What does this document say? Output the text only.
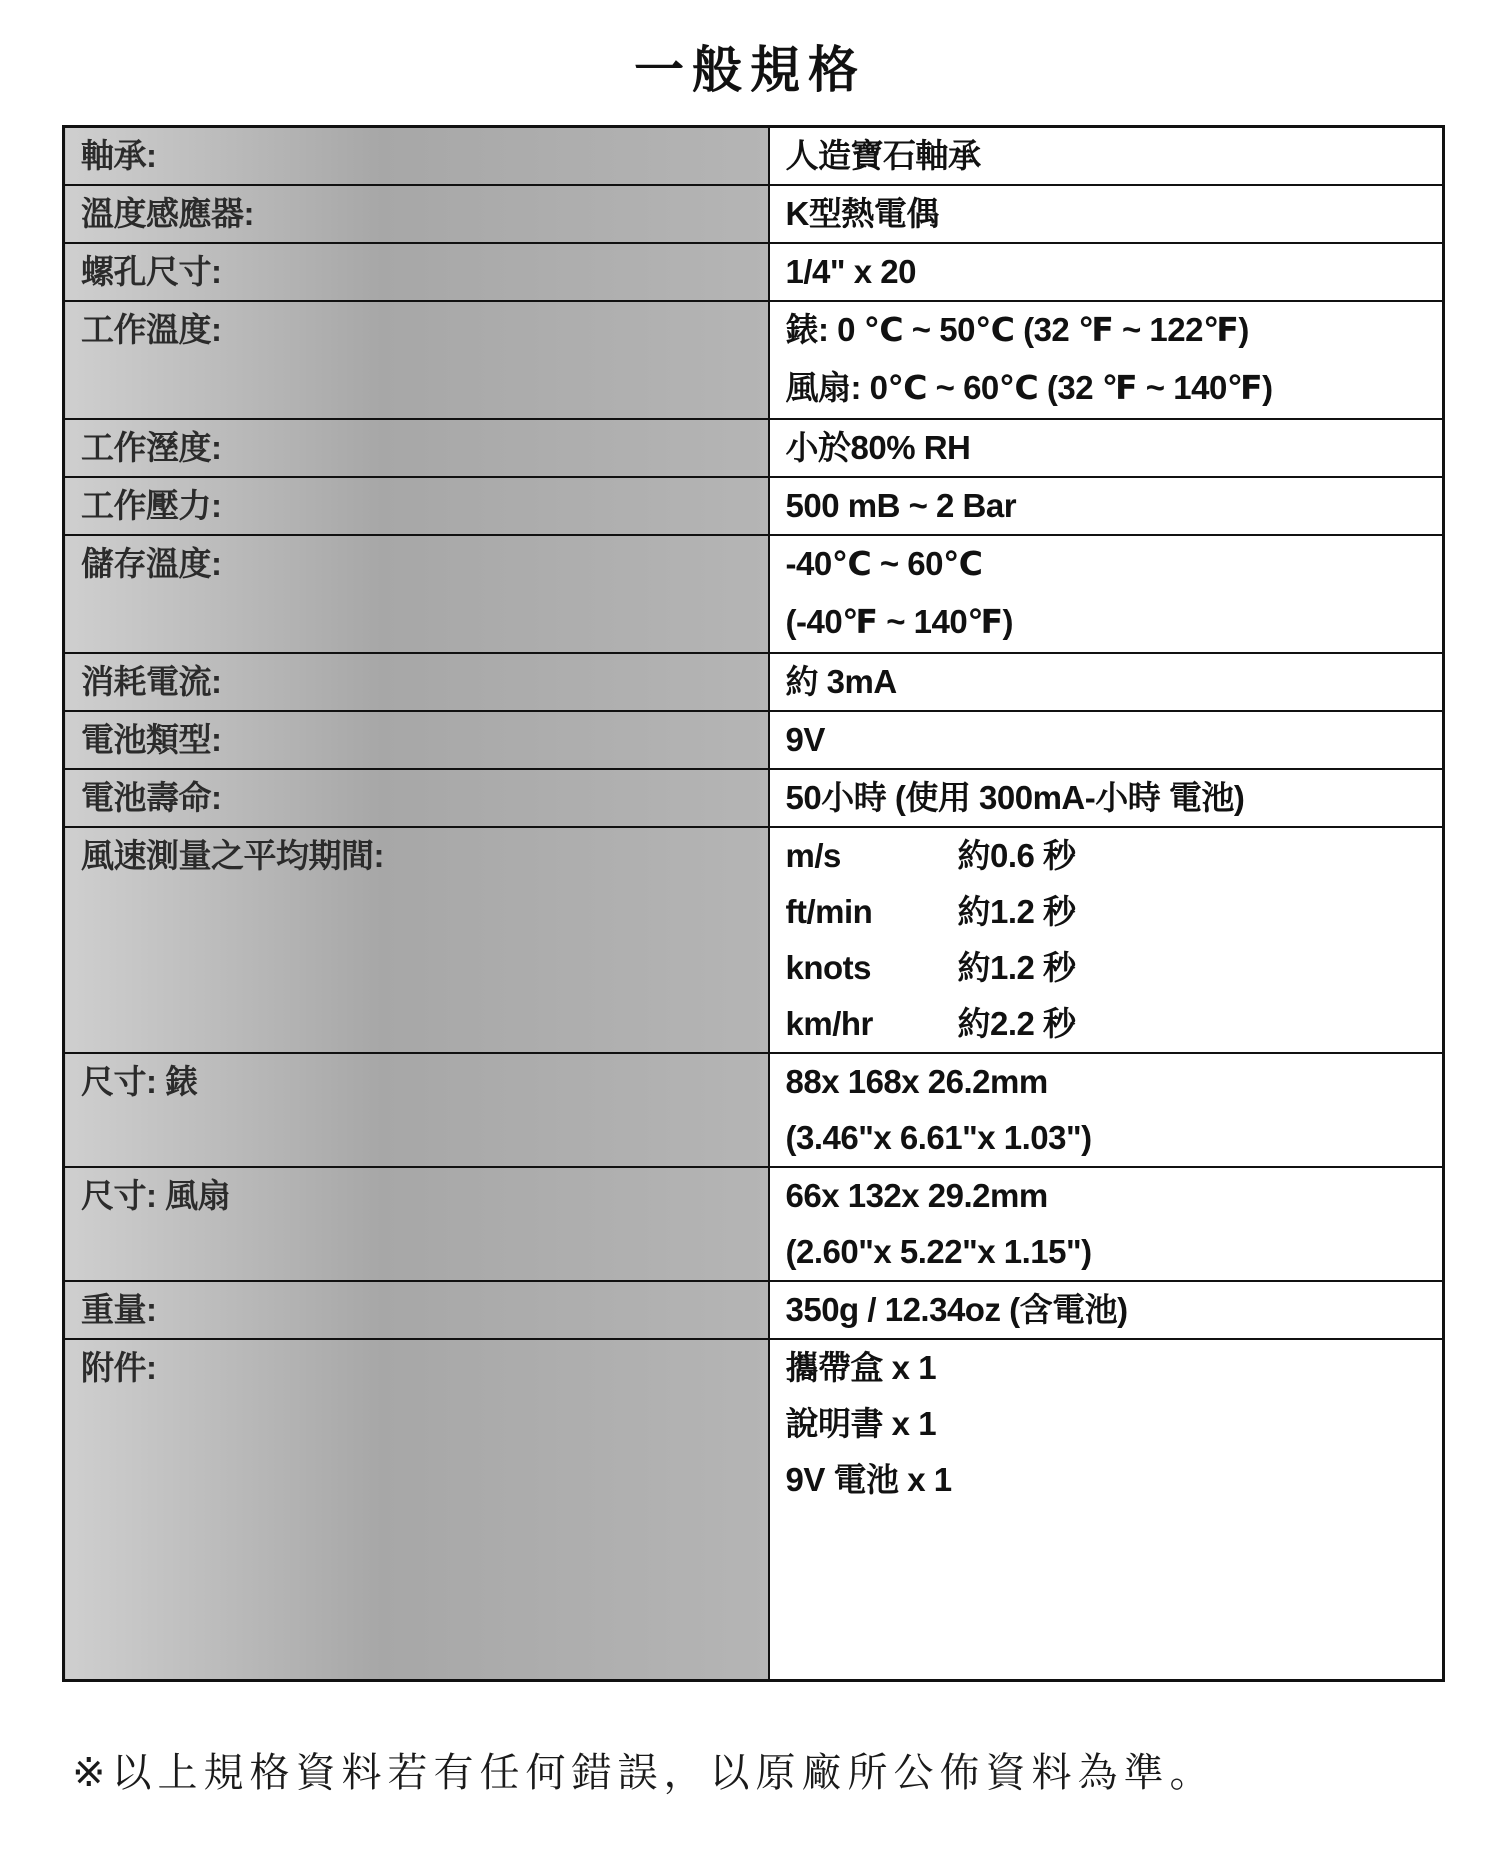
一般規格
軸承:	人造寶石軸承

溫度感應器:	K型熱電偶

螺孔尺寸:	1/4" x 20

工作溫度:	錶: 0 ℃ ~ 50℃ (32 ℉ ~ 122℉)
風扇: 0℃ ~ 60℃ (32 ℉ ~ 140℉)

工作溼度:	小於80% RH

工作壓力:	500 mB ~ 2 Bar

儲存溫度:	-40℃ ~ 60℃
(-40℉ ~ 140℉)

消耗電流:	約 3mA

電池類型:	9V

電池壽命:	50小時 (使用 300mA-小時 電池)

風速測量之平均期間:	m/s 約0.6 秒
ft/min 約1.2 秒
knots 約1.2 秒
km/hr 約2.2 秒

尺寸: 錶	88x 168x 26.2mm
(3.46"x 6.61"x 1.03")

尺寸: 風扇	66x 132x 29.2mm
(2.60"x 5.22"x 1.15")

重量:	350g / 12.34oz (含電池)

附件:	攜帶盒 x 1
說明書 x 1
9V 電池 x 1
※以上規格資料若有任何錯誤，以原廠所公佈資料為準。
